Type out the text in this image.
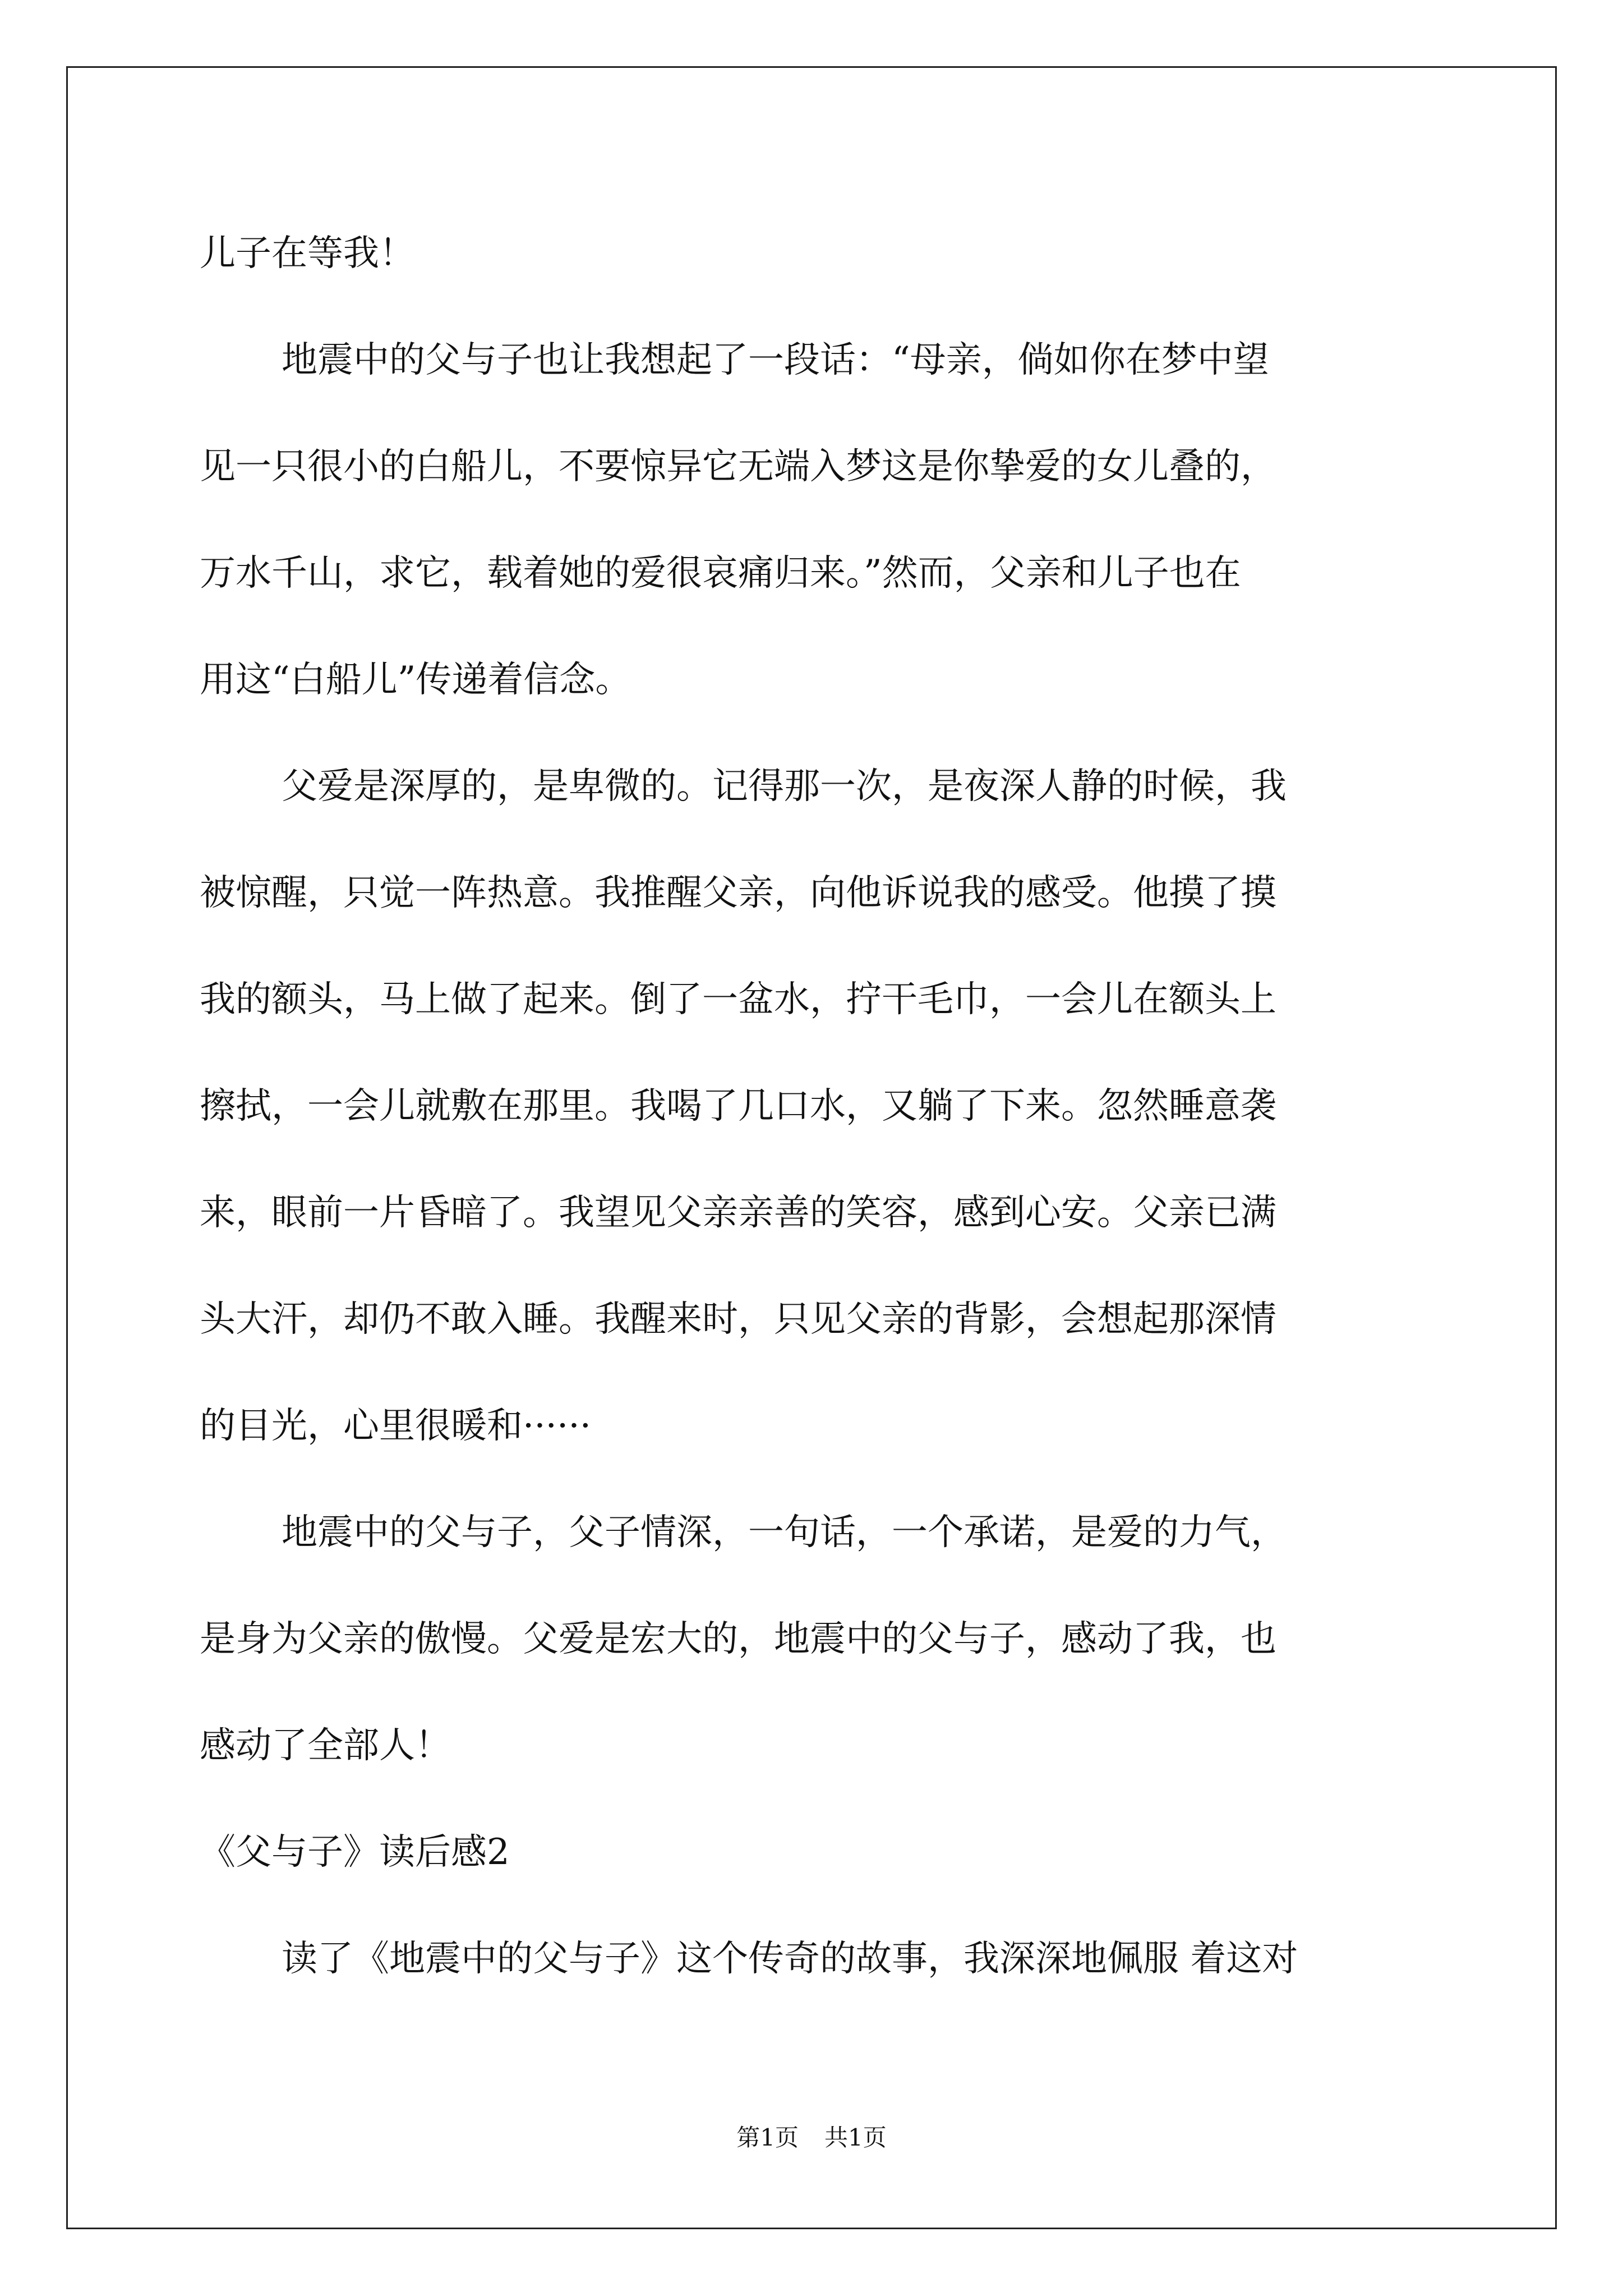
儿子在等我！
地震中的父与子也让我想起了一段话：“母亲，倘如你在梦中望
见一只很小的白船儿，不要惊异它无端入梦这是你挚爱的女儿叠的，
万水千山，求它，载着她的爱很哀痛归来。”然而，父亲和儿子也在
用这“白船儿”传递着信念。
父爱是深厚的，是卑微的。记得那一次，是夜深人静的时候，我
被惊醒，只觉一阵热意。我推醒父亲，向他诉说我的感受。他摸了摸
我的额头，马上做了起来。倒了一盆水，拧干毛巾，一会儿在额头上
擦拭，一会儿就敷在那里。我喝了几口水，又躺了下来。忽然睡意袭
来，眼前一片昏暗了。我望见父亲亲善的笑容，感到心安。父亲已满
头大汗，却仍不敢入睡。我醒来时，只见父亲的背影，会想起那深情
的目光，心里很暖和······
地震中的父与子，父子情深，一句话，一个承诺，是爱的力气，
是身为父亲的傲慢。父爱是宏大的，地震中的父与子，感动了我，也
感动了全部人！
《父与子》读后感2
读了《地震中的父与子》这个传奇的故事，我深深地佩服 着这对
第1页 共1页
